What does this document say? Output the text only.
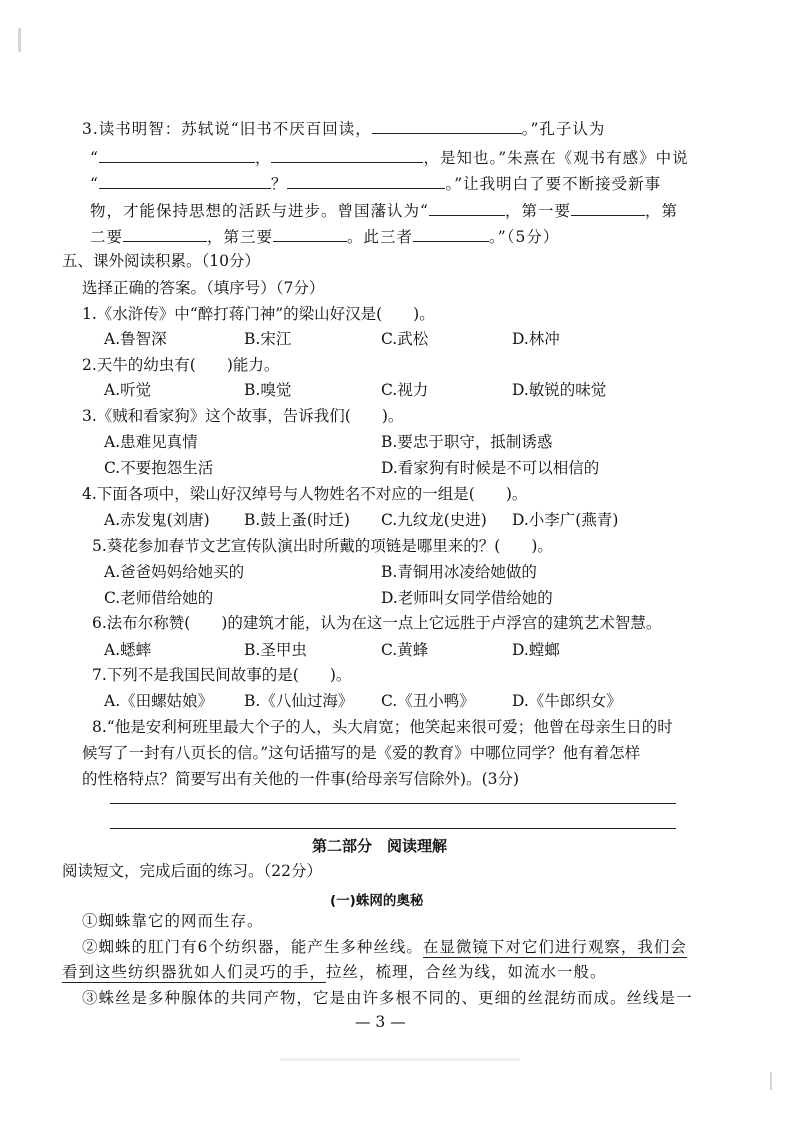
3.读书明智：苏轼说“旧书不厌百回读，	。”孔子认为
“	，	，是知也。”朱熹在《观书有感》中说
“	？	。”让我明白了要不断接受新事
物，才能保持思想的活跃与进步。曾国藩认为“	，第一要	，第
二要	，第三要	。此三者	。”（5分）
五、课外阅读积累。（10分）
选择正确的答案。（填序号）（7分）
1.《水浒传》中“醉打蒋门神”的梁山好汉是(　　)。
A.鲁智深	B.宋江	C.武松	D.林冲
2.天牛的幼虫有(　　)能力。
A.听觉	B.嗅觉	C.视力	D.敏锐的味觉
3.《贼和看家狗》这个故事，告诉我们(　　)。
A.患难见真情	B.要忠于职守，抵制诱惑
C.不要抱怨生活	D.看家狗有时候是不可以相信的
4.下面各项中，梁山好汉绰号与人物姓名不对应的一组是(　　)。
A.赤发鬼(刘唐) B.鼓上蚤(时迁) C.九纹龙(史进) D.小李广(燕青)
5.葵花参加春节文艺宣传队演出时所戴的项链是哪里来的？(　　)。
A.爸爸妈妈给她买的	B.青铜用冰凌给她做的
C.老师借给她的	D.老师叫女同学借给她的
6.法布尔称赞(　　)的建筑才能，认为在这一点上它远胜于卢浮宫的建筑艺术智慧。
A.蟋蟀	B.圣甲虫	C.黄蜂	D.螳螂
7.下列不是我国民间故事的是(　　)。
A.《田螺姑娘》 B.《八仙过海》 C.《丑小鸭》 D.《牛郎织女》
8.“他是安利柯班里最大个子的人，头大肩宽；他笑起来很可爱；他曾在母亲生日的时
候写了一封有八页长的信。”这句话描写的是《爱的教育》中哪位同学？他有着怎样
的性格特点？简要写出有关他的一件事(给母亲写信除外)。(3分)
第二部分　阅读理解
阅读短文，完成后面的练习。（22分）
(一)蛛网的奥秘
①蜘蛛靠它的网而生存。
②蜘蛛的肛门有6个纺织器，能产生多种丝线。在显微镜下对它们进行观察，我们会
看到这些纺织器犹如人们灵巧的手，拉丝，梳理，合丝为线，如流水一般。
③蛛丝是多种腺体的共同产物，它是由许多根不同的、更细的丝混纺而成。丝线是一
— 3 —
